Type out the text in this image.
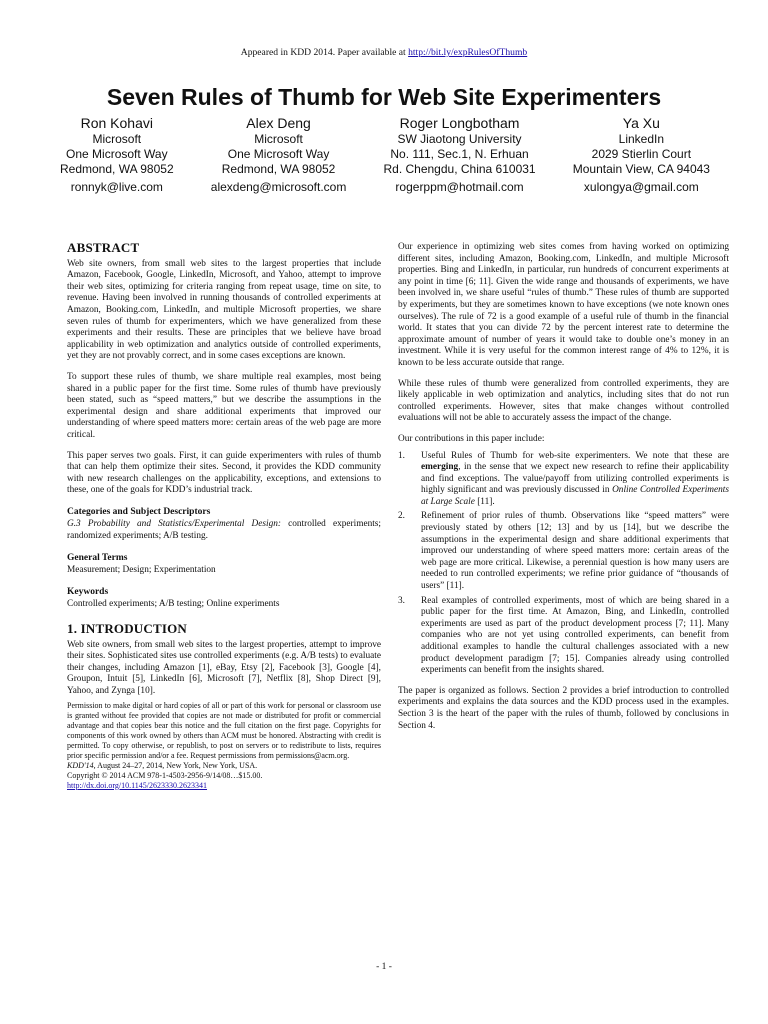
Appeared in KDD 2014. Paper available at http://bit.ly/expRulesOfThumb
Seven Rules of Thumb for Web Site Experimenters
Ron Kohavi
Microsoft
One Microsoft Way
Redmond, WA 98052
ronnyk@live.com
Alex Deng
Microsoft
One Microsoft Way
Redmond, WA 98052
alexdeng@microsoft.com
Roger Longbotham
SW Jiaotong University
No. 111, Sec.1, N. Erhuan
Rd. Chengdu, China 610031
rogerppm@hotmail.com
Ya Xu
LinkedIn
2029 Stierlin Court
Mountain View, CA 94043
xulongya@gmail.com
ABSTRACT

Web site owners, from small web sites to the largest properties that include Amazon, Facebook, Google, LinkedIn, Microsoft, and Yahoo, attempt to improve their web sites, optimizing for criteria ranging from repeat usage, time on site, to revenue. Having been involved in running thousands of controlled experiments at Amazon, Booking.com, LinkedIn, and multiple Microsoft properties, we share seven rules of thumb for experimenters, which we have generalized from these experiments and their results. These are principles that we believe have broad applicability in web optimization and analytics outside of controlled experiments, yet they are not provably correct, and in some cases exceptions are known.

To support these rules of thumb, we share multiple real examples, most being shared in a public paper for the first time. Some rules of thumb have previously been stated, such as “speed matters,” but we describe the assumptions in the experimental design and share additional experiments that improved our understanding of where speed matters more: certain areas of the web page are more critical.

This paper serves two goals. First, it can guide experimenters with rules of thumb that can help them optimize their sites. Second, it provides the KDD community with new research challenges on the applicability, exceptions, and extensions to these, one of the goals for KDD’s industrial track.

Categories and Subject Descriptors
G.3 Probability and Statistics/Experimental Design: controlled experiments; randomized experiments; A/B testing.
General Terms
Measurement; Design; Experimentation
Keywords
Controlled experiments; A/B testing; Online experiments
1. INTRODUCTION

Web site owners, from small web sites to the largest properties, attempt to improve their sites. Sophisticated sites use controlled experiments (e.g. A/B tests) to evaluate their changes, including Amazon [1], eBay, Etsy [2], Facebook [3], Google [4], Groupon, Intuit [5], LinkedIn [6], Microsoft [7], Netflix [8], Shop Direct [9], Yahoo, and Zynga [10].

Permission to make digital or hard copies of all or part of this work for personal or classroom use is granted without fee provided that copies are not made or distributed for profit or commercial advantage and that copies bear this notice and the full citation on the first page. Copyrights for components of this work owned by others than ACM must be honored. Abstracting with credit is permitted. To copy otherwise, or republish, to post on servers or to redistribute to lists, requires prior specific permission and/or a fee. Request permissions from permissions@acm.org.
KDD'14, August 24–27, 2014, New York, New York, USA.
Copyright © 2014 ACM 978-1-4503-2956-9/14/08…$15.00.
http://dx.doi.org/10.1145/2623330.2623341

Our experience in optimizing web sites comes from having worked on optimizing different sites, including Amazon, Booking.com, LinkedIn, and multiple Microsoft properties. Bing and LinkedIn, in particular, run hundreds of concurrent experiments at any point in time [6; 11]. Given the wide range and thousands of experiments, we have been involved in, we share useful “rules of thumb.” These rules of thumb are supported by experiments, but they are sometimes known to have exceptions (we note known ones ourselves). The rule of 72 is a good example of a useful rule of thumb in the financial world. It states that you can divide 72 by the percent interest rate to determine the approximate amount of number of years it would take to double one’s money in an investment. While it is very useful for the common interest range of 4% to 12%, it is known to be less accurate outside that range.

While these rules of thumb were generalized from controlled experiments, they are likely applicable in web optimization and analytics, including sites that do not run controlled experiments. However, sites that make changes without controlled evaluations will not be able to accurately assess the impact of the change.

Our contributions in this paper include:

1. Useful Rules of Thumb for web-site experimenters. We note that these are emerging, in the sense that we expect new research to refine their applicability and find exceptions. The value/payoff from utilizing controlled experiments is highly significant and was previously discussed in Online Controlled Experiments at Large Scale [11].
2. Refinement of prior rules of thumb. Observations like “speed matters” were previously stated by others [12; 13] and by us [14], but we describe the assumptions in the experimental design and share additional experiments that improved our understanding of where speed matters more: certain areas of the web page are more critical. Likewise, a perennial question is how many users are needed to run controlled experiments; we refine prior guidance of “thousands of users” [11].
3. Real examples of controlled experiments, most of which are being shared in a public paper for the first time. At Amazon, Bing, and LinkedIn, controlled experiments are used as part of the product development process [7; 11]. Many companies who are not yet using controlled experiments, can benefit from additional examples to handle the cultural challenges associated with a new product development paradigm [7; 15]. Companies already using controlled experiments can benefit from the insights shared.

The paper is organized as follows. Section 2 provides a brief introduction to controlled experiments and explains the data sources and the KDD process used in the examples. Section 3 is the heart of the paper with the rules of thumb, followed by conclusions in Section 4.

- 1 -
